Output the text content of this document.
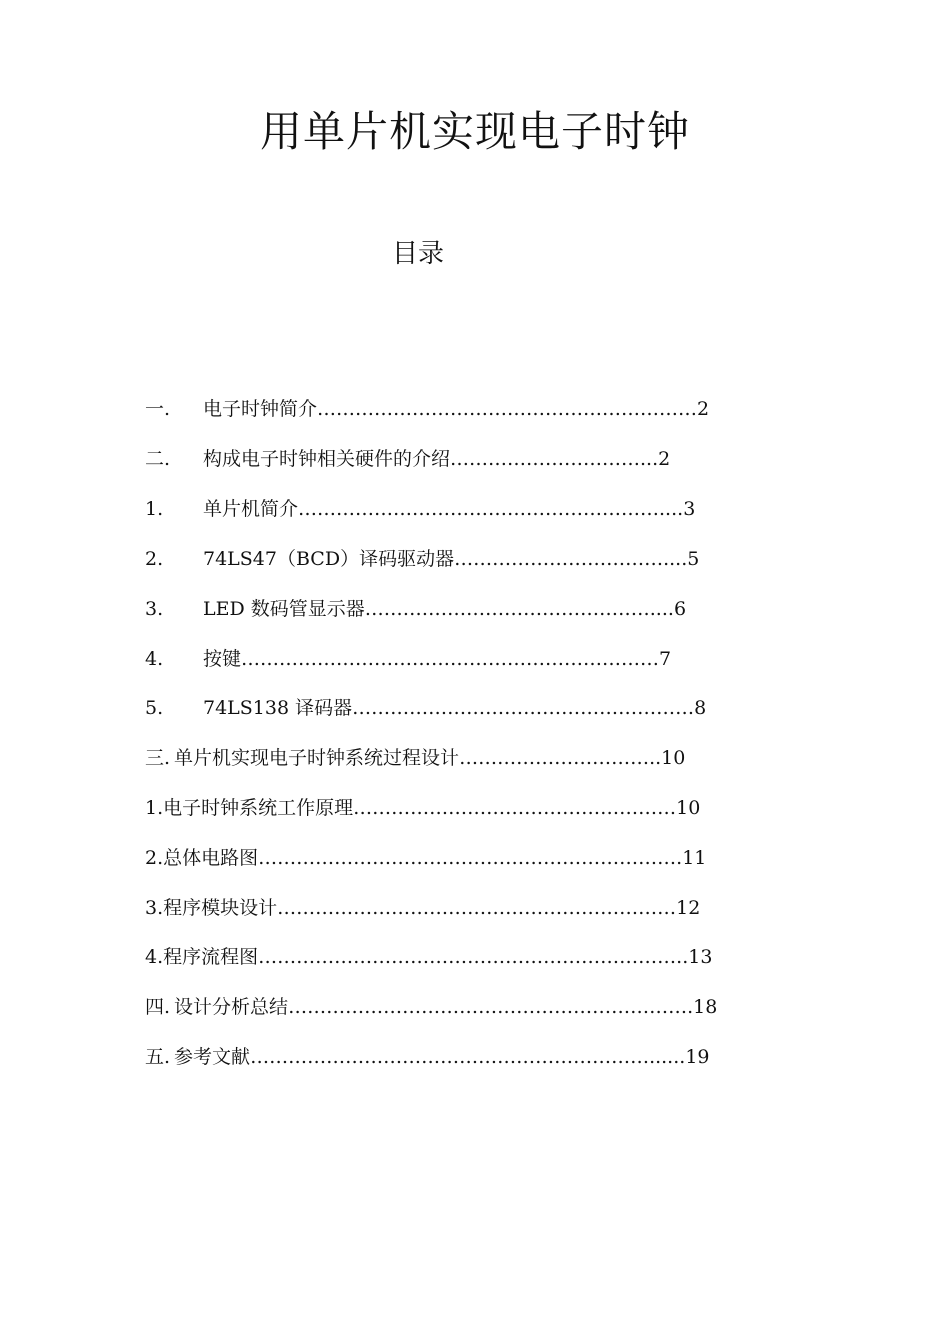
用单片机实现电子时钟
目录
一. 电子时钟简介……………………………………………………2
二. 构成电子时钟相关硬件的介绍…………………………...2
1. 单片机简介…………………………………………………....3
2. 74LS47（BCD）译码驱动器……………………………....5
3. LED 数码管显示器………………………………………....6
4. 按键…………………………………………………………7
5. 74LS138 译码器………………………………………………8
三. 单片机实现电子时钟系统过程设计…………………………..10
1.电子时钟系统工作原理……………………………………………10
2.总体电路图………………………………………………………….11
3.程序模块设计………………………………………………………12
4.程序流程图…………………………………………………………..13
四. 设计分析总结……………………………………………………….18
五. 参考文献………………………………………………………......19
